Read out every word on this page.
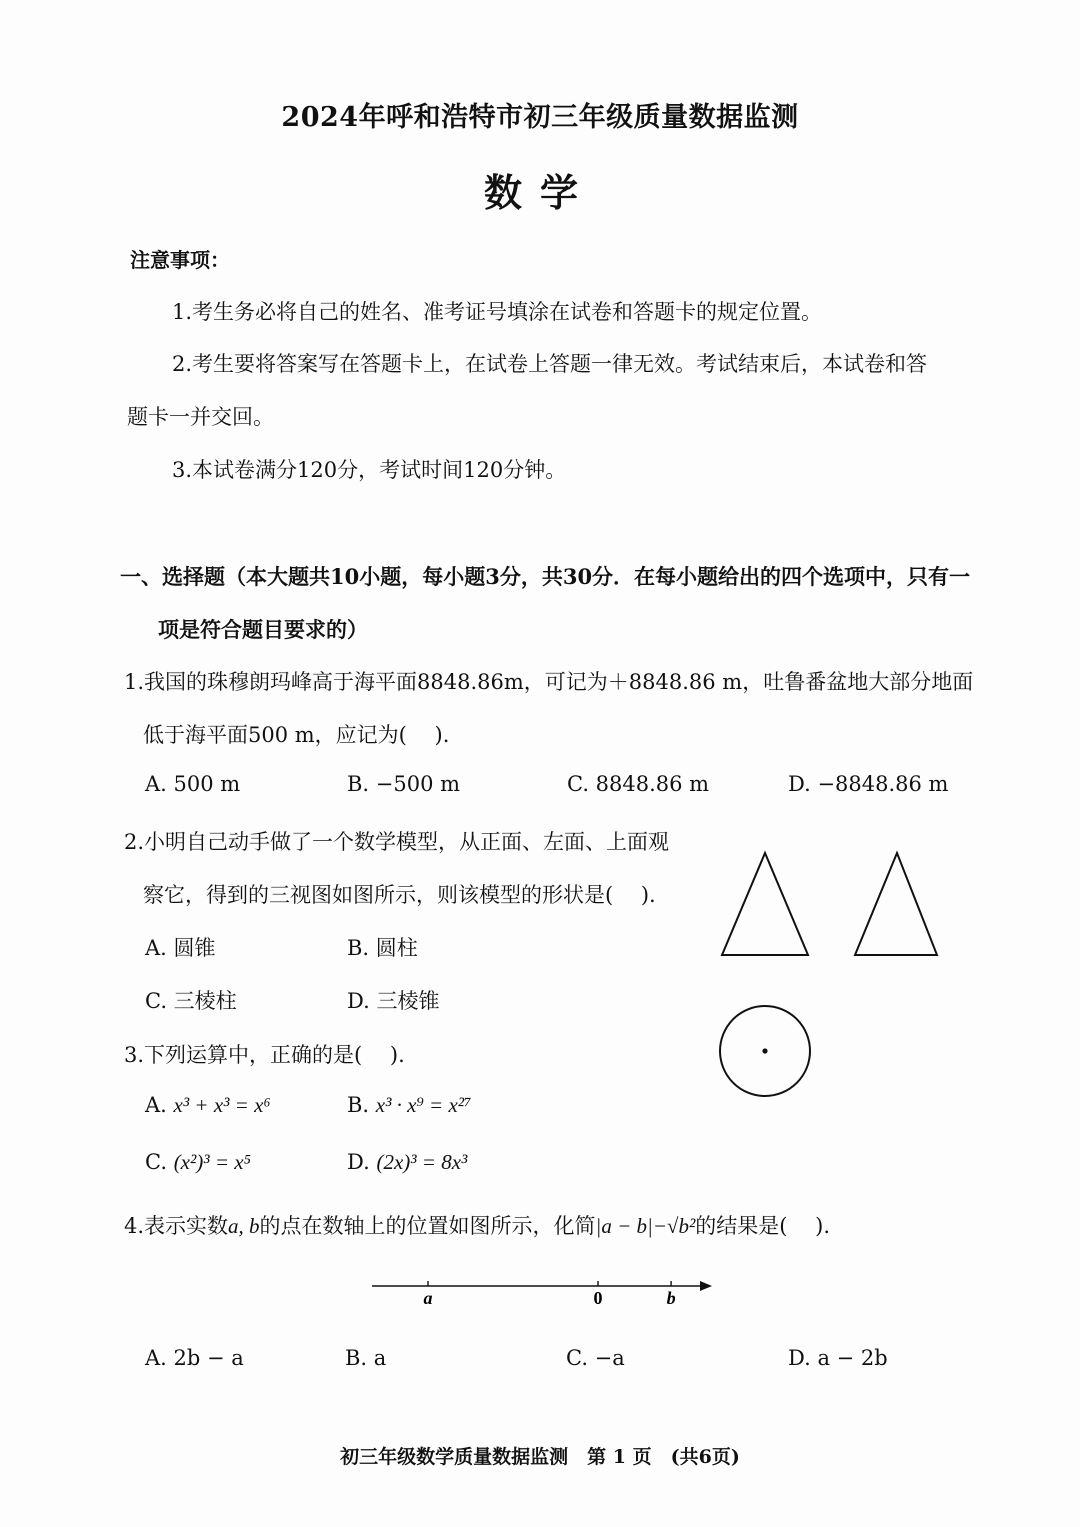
2024年呼和浩特市初三年级质量数据监测
数学
注意事项：
1.考生务必将自己的姓名、准考证号填涂在试卷和答题卡的规定位置。
2.考生要将答案写在答题卡上，在试卷上答题一律无效。考试结束后，本试卷和答
题卡一并交回。
3.本试卷满分120分，考试时间120分钟。
一、选择题（本大题共10小题，每小题3分，共30分．在每小题给出的四个选项中，只有一
项是符合题目要求的）
1.我国的珠穆朗玛峰高于海平面8848.86m，可记为＋8848.86 m，吐鲁番盆地大部分地面
低于海平面500 m，应记为(　 ).
A. 500 m	B. −500 m	C. 8848.86 m	D. −8848.86 m
2.小明自己动手做了一个数学模型，从正面、左面、上面观
察它，得到的三视图如图所示，则该模型的形状是(　 ).
A. 圆锥	B. 圆柱
C. 三棱柱	D. 三棱锥
3.下列运算中，正确的是(　 ).
A. x³ + x³ = x⁶	B. x³ · x⁹ = x²⁷
C. (x²)³ = x⁵	D. (2x)³ = 8x³
4.表示实数a, b的点在数轴上的位置如图所示，化简|a − b|−√b²的结果是(　 ).
A. 2b − a	B. a	C. −a	D. a − 2b
a	0	b
初三年级数学质量数据监测　第 1 页　(共6页)
